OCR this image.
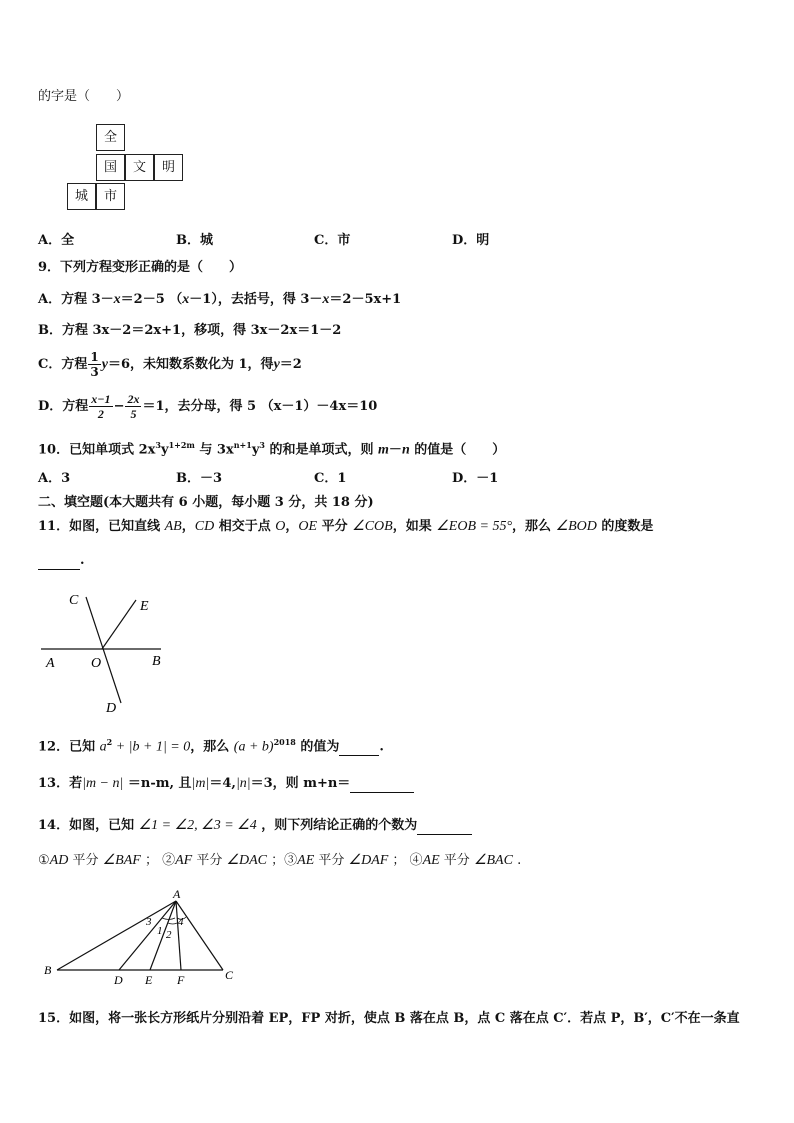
的字是（　　）
全
国	文	明
城	市
A．全	B．城	C．市	D．明
9．下列方程变形正确的是（　　）
A．方程 3－x＝2－5 （x－1），去括号，得 3－x＝2－5x+1
B．方程 3x－2＝2x+1，移项，得 3x－2x＝1－2
C．方程 $\frac{1}{3} y=6$，未知数系数化为 1，得y＝2
D．方程 $\frac{x-1}{2} - \frac{2x}{5} =1$，去分母，得 5 （x－1）－4x＝10
10．已知单项式 $2x^3y^{1+2m}$ 与 $3x^{n+1}y^3$ 的和是单项式，则 m－n 的值是（　　）
A．3	B．－3	C．1	D．－1
二、填空题(本大题共有 6 小题，每小题 3 分，共 18 分)
11．如图，已知直线 AB，CD 相交于点 O，OE 平分 ∠COB，如果 ∠EOB = 55°，那么 ∠BOD 的度数是
.
C	E
A	O	B
D
12．已知 $a^2 + |b + 1| = 0$，那么 $(a + b)^{2018}$ 的值为	.
13．若|m − n| ＝n-m, 且|m|＝4,|n|＝3，则 m+n＝
14．如图，已知 ∠1 = ∠2, ∠3 = ∠4 ，则下列结论正确的个数为
①AD 平分 ∠BAF ； ②AF 平分 ∠DAC ；③AE 平分 ∠DAF ； ④AE 平分 ∠BAC .
A
B	C
D E F
1 2
3 4
15．如图，将一张长方形纸片分别沿着 EP，FP 对折，使点 B 落在点 B，点 C 落在点 C′．若点 P，B′，C′不在一条直
